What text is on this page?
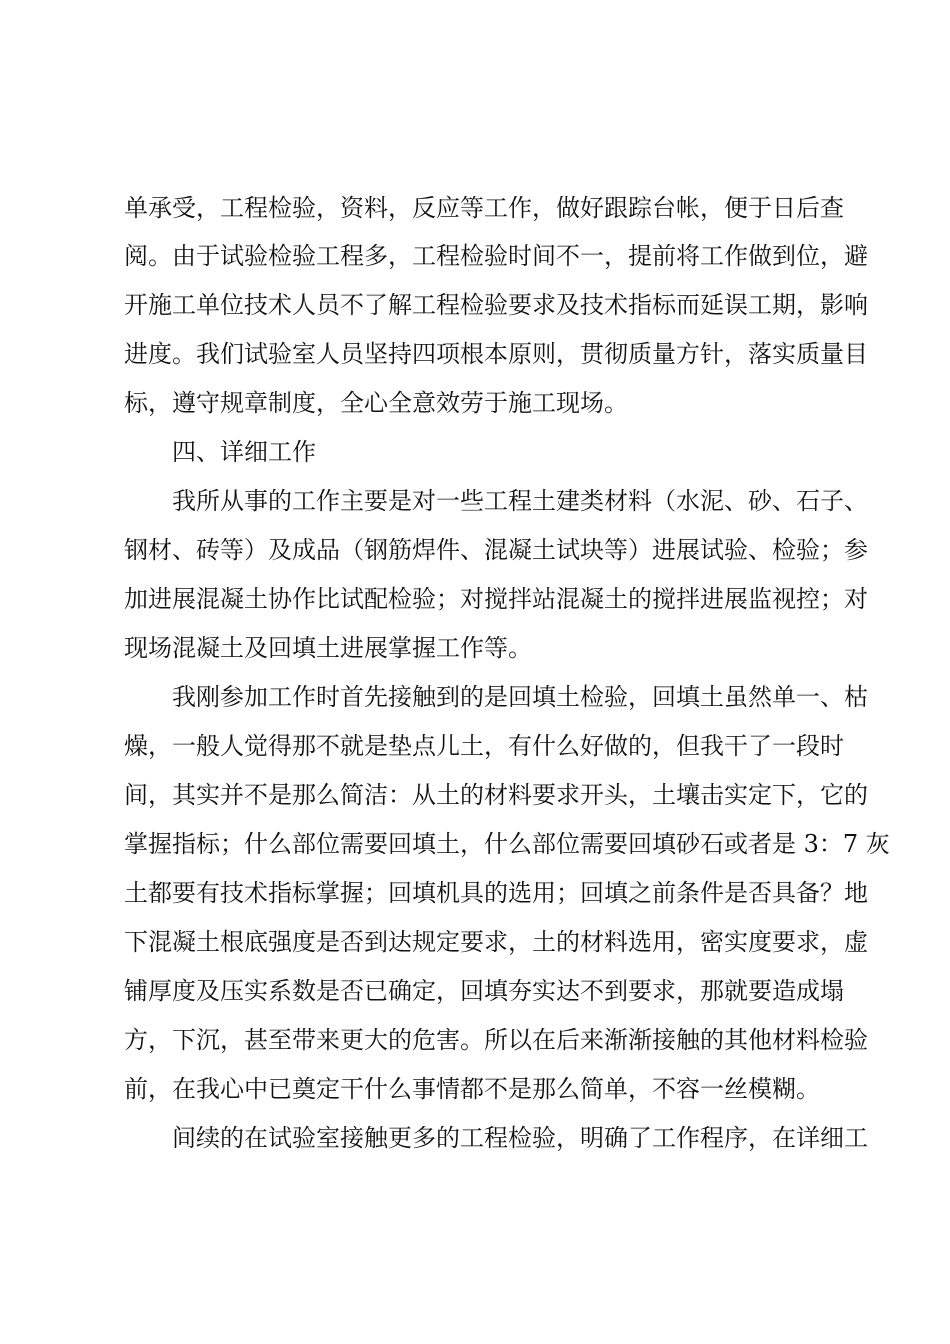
单承受，工程检验，资料，反应等工作，做好跟踪台帐，便于日后查
阅。由于试验检验工程多，工程检验时间不一，提前将工作做到位，避
开施工单位技术人员不了解工程检验要求及技术指标而延误工期，影响
进度。我们试验室人员坚持四项根本原则，贯彻质量方针，落实质量目
标，遵守规章制度，全心全意效劳于施工现场。
四、详细工作
我所从事的工作主要是对一些工程土建类材料（水泥、砂、石子、
钢材、砖等）及成品（钢筋焊件、混凝土试块等）进展试验、检验；参
加进展混凝土协作比试配检验；对搅拌站混凝土的搅拌进展监视控；对
现场混凝土及回填土进展掌握工作等。
我刚参加工作时首先接触到的是回填土检验，回填土虽然单一、枯
燥，一般人觉得那不就是垫点儿土，有什么好做的，但我干了一段时
间，其实并不是那么简洁：从土的材料要求开头，土壤击实定下，它的
掌握指标；什么部位需要回填土，什么部位需要回填砂石或者是 3：7 灰
土都要有技术指标掌握；回填机具的选用；回填之前条件是否具备？地
下混凝土根底强度是否到达规定要求，土的材料选用，密实度要求，虚
铺厚度及压实系数是否已确定，回填夯实达不到要求，那就要造成塌
方，下沉，甚至带来更大的危害。所以在后来渐渐接触的其他材料检验
前，在我心中已奠定干什么事情都不是那么简单，不容一丝模糊。
间续的在试验室接触更多的工程检验，明确了工作程序，在详细工
